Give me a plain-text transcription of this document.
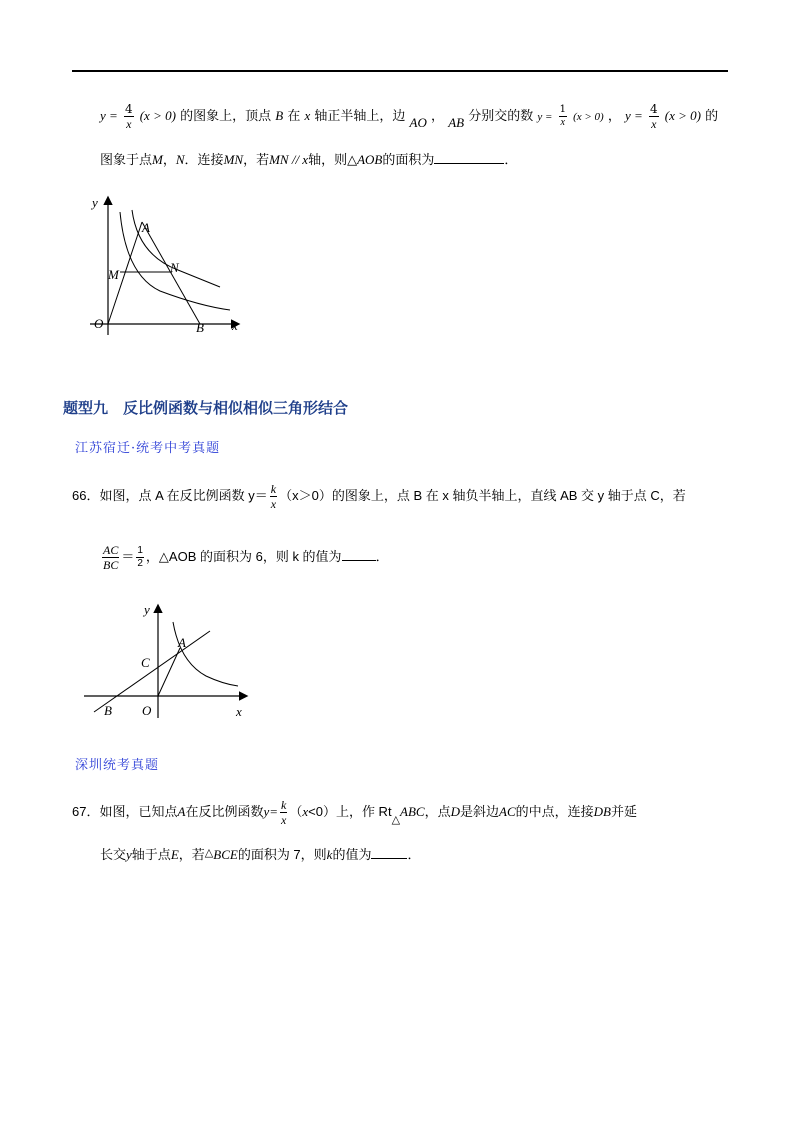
$y = \frac{4}{x} (x > 0)$ 的图象上，顶点 B 在 x 轴正半轴上，边 AO ， AB 分别交的数 $y = \frac{1}{x} (x > 0)$ ， $y = \frac{4}{x} (x > 0)$ 的
图象于点M，N．连接MN，若MN // x轴，则△AOB的面积为	．
y
A
M	N
O	B x
题型九　反比例函数与相似相似三角形结合
江苏宿迁·统考中考真题
66．如图，点 A 在反比例函数 $y= \frac{k}{x} (x>0)$的图象上，点 B 在 x 轴负半轴上，直线 AB 交 y 轴于点 C，若
$\frac{AC}{BC} = \frac{1}{2}$ ，△AOB 的面积为 6，则 k 的值为	．
y
A
C
B O	x
深圳统考真题
67．如图，已知点A在反比例函数$y= \frac{k}{x} (x<0)$上，作 $Rt_\triangle ABC$，点D是斜边AC的中点，连接DB并延
长交y轴于点E，若△BCE的面积为 7，则k的值为	．
